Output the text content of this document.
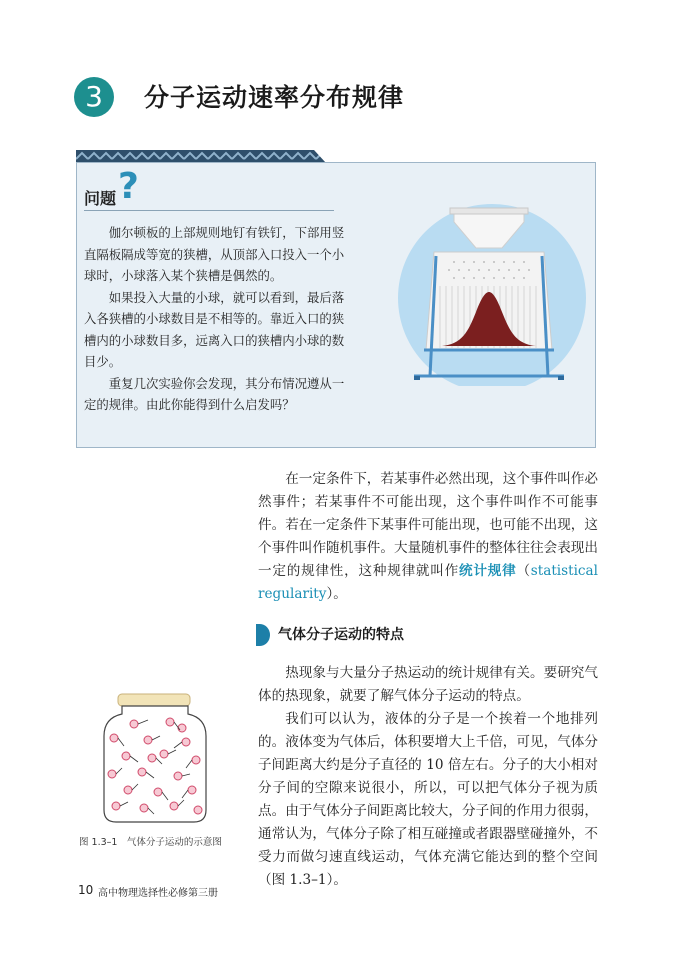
3	分子运动速率分布规律
问题 ?

伽尔顿板的上部规则地钉有铁钉，下部用竖直隔板隔成等宽的狭槽，从顶部入口投入一个小球时，小球落入某个狭槽是偶然的。

如果投入大量的小球，就可以看到，最后落入各狭槽的小球数目是不相等的。靠近入口的狭槽内的小球数目多，远离入口的狭槽内小球的数目少。

重复几次实验你会发现，其分布情况遵从一定的规律。由此你能得到什么启发吗？

在一定条件下，若某事件必然出现，这个事件叫作必然事件；若某事件不可能出现，这个事件叫作不可能事件。若在一定条件下某事件可能出现，也可能不出现，这个事件叫作随机事件。大量随机事件的整体往往会表现出一定的规律性，这种规律就叫作统计规律（statistical regularity）。

气体分子运动的特点

热现象与大量分子热运动的统计规律有关。要研究气体的热现象，就要了解气体分子运动的特点。

我们可以认为，液体的分子是一个挨着一个地排列的。液体变为气体后，体积要增大上千倍，可见，气体分子间距离大约是分子直径的 10 倍左右。分子的大小相对分子间的空隙来说很小，所以，可以把气体分子视为质点。由于气体分子间距离比较大，分子间的作用力很弱，通常认为，气体分子除了相互碰撞或者跟器壁碰撞外，不受力而做匀速直线运动，气体充满它能达到的整个空间（图 1.3–1）。

图 1.3–1　气体分子运动的示意图
10 高中物理选择性必修第三册
